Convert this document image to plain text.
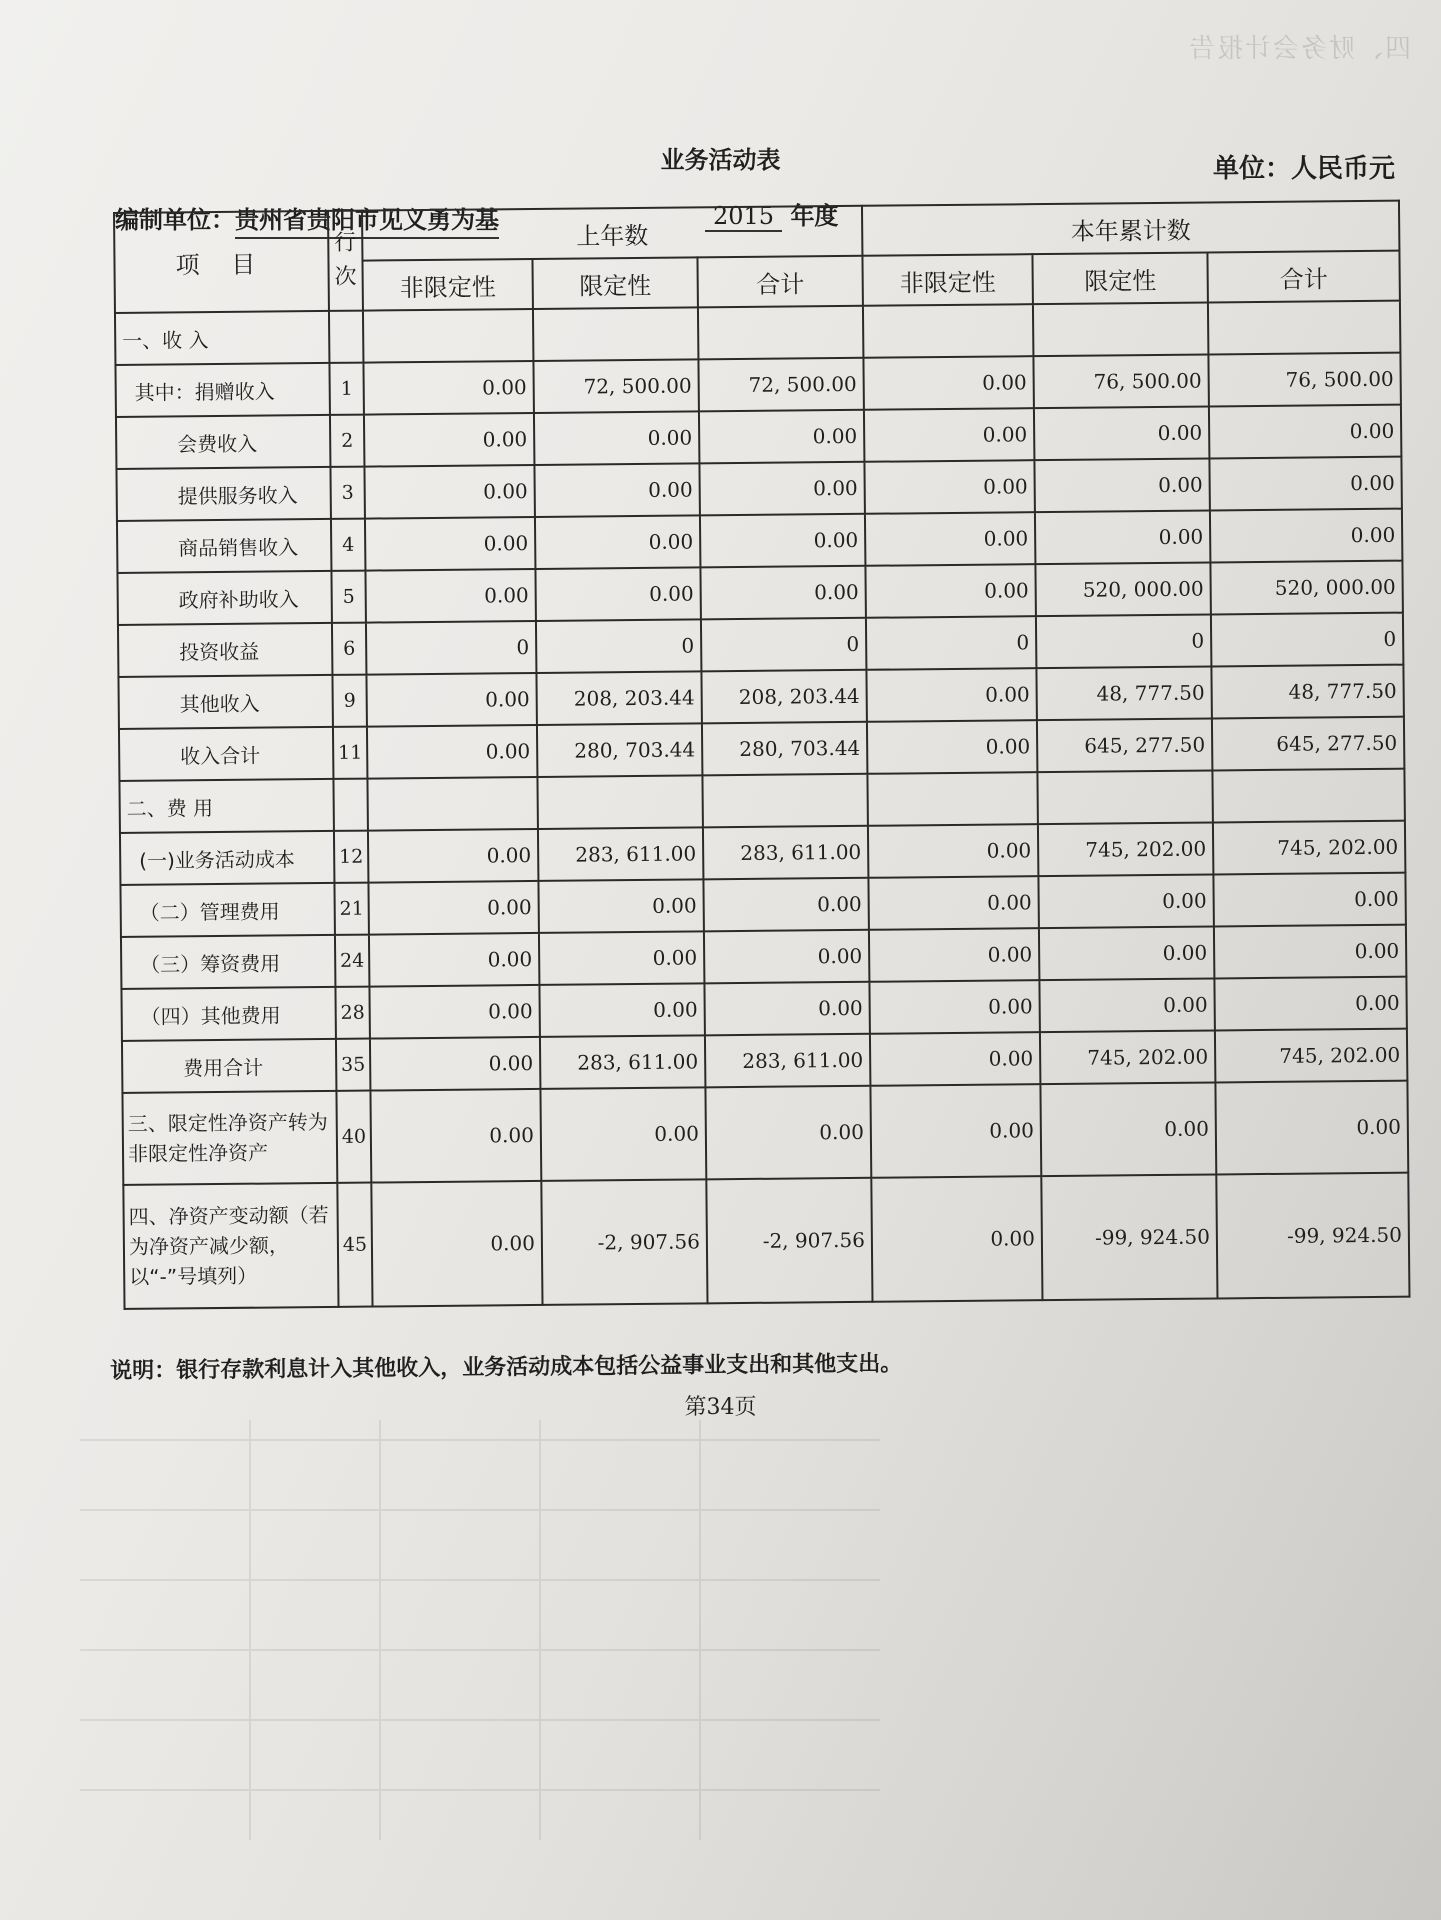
四、财务会计报告
业务活动表	单位：人民币元
编制单位：贵州省贵阳市见义勇为基	2015 年度
项 目	行次	上年数			本年累计数		
		非限定性	限定性	合计	非限定性	限定性	合计
一、收 入							
其中：捐赠收入	1	0.00	72, 500.00	72, 500.00	0.00	76, 500.00	76, 500.00
会费收入	2	0.00	0.00	0.00	0.00	0.00	0.00
提供服务收入	3	0.00	0.00	0.00	0.00	0.00	0.00
商品销售收入	4	0.00	0.00	0.00	0.00	0.00	0.00
政府补助收入	5	0.00	0.00	0.00	0.00	520, 000.00	520, 000.00
投资收益	6	0	0	0	0	0	0
其他收入	9	0.00	208, 203.44	208, 203.44	0.00	48, 777.50	48, 777.50
收入合计	11	0.00	280, 703.44	280, 703.44	0.00	645, 277.50	645, 277.50
二、费 用							
(一)业务活动成本	12	0.00	283, 611.00	283, 611.00	0.00	745, 202.00	745, 202.00
（二）管理费用	21	0.00	0.00	0.00	0.00	0.00	0.00
（三）筹资费用	24	0.00	0.00	0.00	0.00	0.00	0.00
（四）其他费用	28	0.00	0.00	0.00	0.00	0.00	0.00
费用合计	35	0.00	283, 611.00	283, 611.00	0.00	745, 202.00	745, 202.00
三、限定性净资产转为非限定性净资产	40	0.00	0.00	0.00	0.00	0.00	0.00
四、净资产变动额（若为净资产减少额，以“-”号填列）	45	0.00	-2, 907.56	-2, 907.56	0.00	-99, 924.50	-99, 924.50
说明：银行存款利息计入其他收入，业务活动成本包括公益事业支出和其他支出。
第34页
